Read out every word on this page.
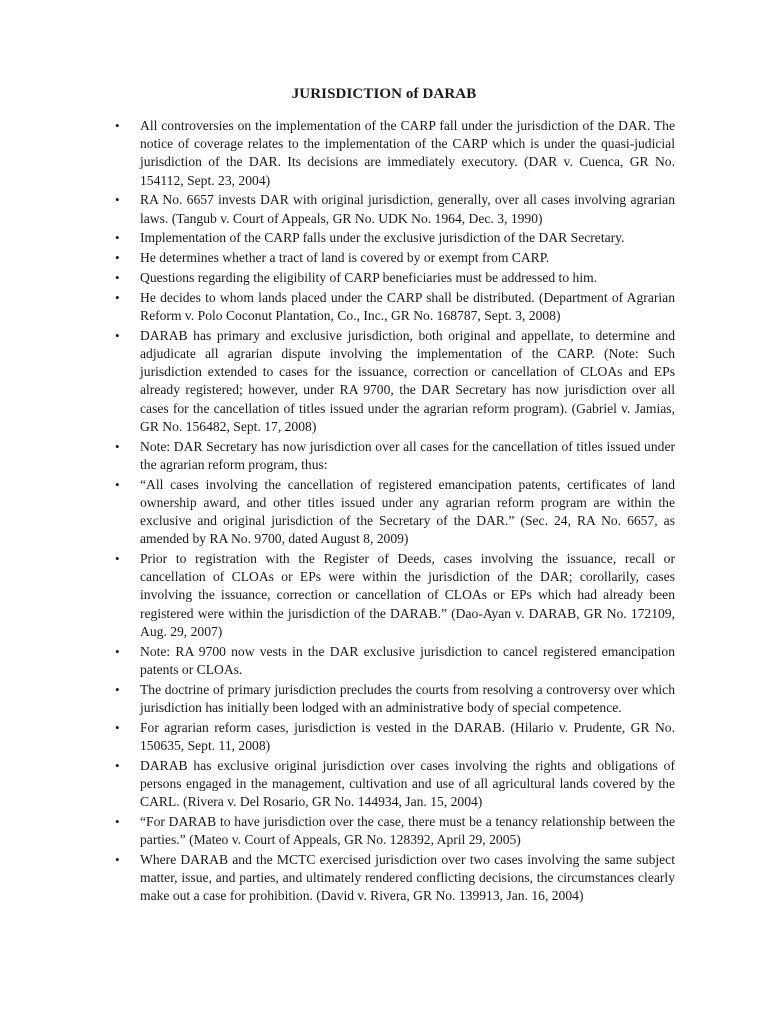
JURISDICTION of DARAB
• All controversies on the implementation of the CARP fall under the jurisdiction of the DAR. The notice of coverage relates to the implementation of the CARP which is under the quasi-judicial jurisdiction of the DAR. Its decisions are immediately executory. (DAR v. Cuenca, GR No. 154112, Sept. 23, 2004)
• RA No. 6657 invests DAR with original jurisdiction, generally, over all cases involving agrarian laws. (Tangub v. Court of Appeals, GR No. UDK No. 1964, Dec. 3, 1990)
• Implementation of the CARP falls under the exclusive jurisdiction of the DAR Secretary.
• He determines whether a tract of land is covered by or exempt from CARP.
• Questions regarding the eligibility of CARP beneficiaries must be addressed to him.
• He decides to whom lands placed under the CARP shall be distributed. (Department of Agrarian Reform v. Polo Coconut Plantation, Co., Inc., GR No. 168787, Sept. 3, 2008)
• DARAB has primary and exclusive jurisdiction, both original and appellate, to determine and adjudicate all agrarian dispute involving the implementation of the CARP. (Note: Such jurisdiction extended to cases for the issuance, correction or cancellation of CLOAs and EPs already registered; however, under RA 9700, the DAR Secretary has now jurisdiction over all cases for the cancellation of titles issued under the agrarian reform program). (Gabriel v. Jamias, GR No. 156482, Sept. 17, 2008)
• Note: DAR Secretary has now jurisdiction over all cases for the cancellation of titles issued under the agrarian reform program, thus:
• “All cases involving the cancellation of registered emancipation patents, certificates of land ownership award, and other titles issued under any agrarian reform program are within the exclusive and original jurisdiction of the Secretary of the DAR.” (Sec. 24, RA No. 6657, as amended by RA No. 9700, dated August 8, 2009)
• Prior to registration with the Register of Deeds, cases involving the issuance, recall or cancellation of CLOAs or EPs were within the jurisdiction of the DAR; corollarily, cases involving the issuance, correction or cancellation of CLOAs or EPs which had already been registered were within the jurisdiction of the DARAB.” (Dao-Ayan v. DARAB, GR No. 172109, Aug. 29, 2007)
• Note: RA 9700 now vests in the DAR exclusive jurisdiction to cancel registered emancipation patents or CLOAs.
• The doctrine of primary jurisdiction precludes the courts from resolving a controversy over which jurisdiction has initially been lodged with an administrative body of special competence.
• For agrarian reform cases, jurisdiction is vested in the DARAB. (Hilario v. Prudente, GR No. 150635, Sept. 11, 2008)
• DARAB has exclusive original jurisdiction over cases involving the rights and obligations of persons engaged in the management, cultivation and use of all agricultural lands covered by the CARL. (Rivera v. Del Rosario, GR No. 144934, Jan. 15, 2004)
• “For DARAB to have jurisdiction over the case, there must be a tenancy relationship between the parties.” (Mateo v. Court of Appeals, GR No. 128392, April 29, 2005)
• Where DARAB and the MCTC exercised jurisdiction over two cases involving the same subject matter, issue, and parties, and ultimately rendered conflicting decisions, the circumstances clearly make out a case for prohibition. (David v. Rivera, GR No. 139913, Jan. 16, 2004)
